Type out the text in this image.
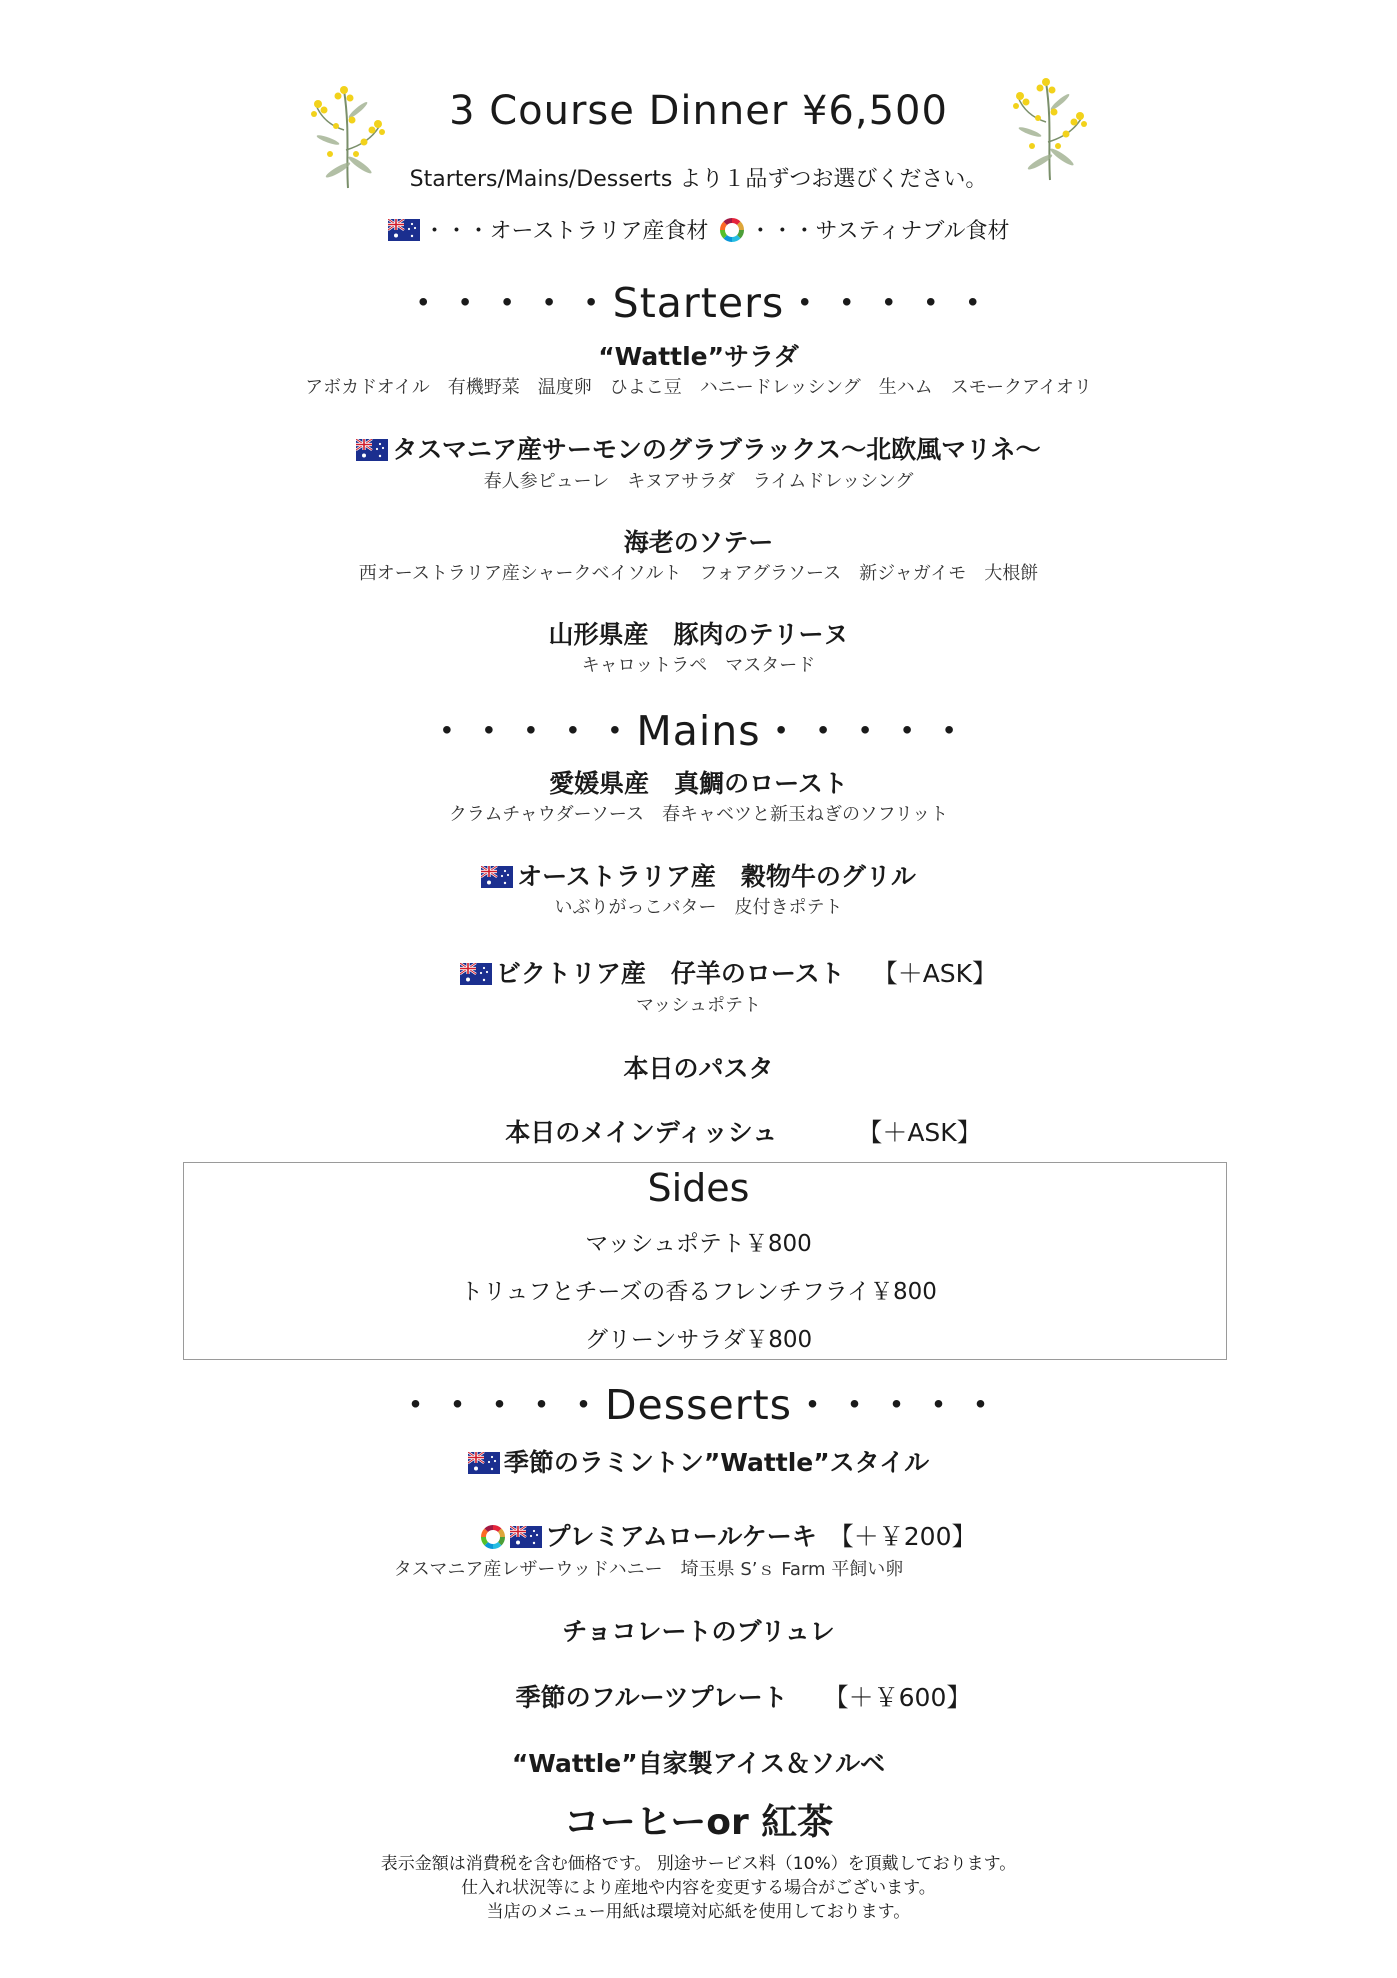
3 Course Dinner ¥6,500
Starters/Mains/Desserts より１品ずつお選びください。
・・・オーストラリア産食材 ・・・サスティナブル食材
・・・・・Starters・・・・・
“Wattle”サラダ
アボカドオイル　有機野菜　温度卵　ひよこ豆　ハニードレッシング　生ハム　スモークアイオリ
タスマニア産サーモンのグラブラックス～北欧風マリネ～
春人参ピューレ　キヌアサラダ　ライムドレッシング
海老のソテー
西オーストラリア産シャークベイソルト　フォアグラソース　新ジャガイモ　大根餅
山形県産　豚肉のテリーヌ
キャロットラペ　マスタード
・・・・・Mains・・・・・
愛媛県産　真鯛のロースト
クラムチャウダーソース　春キャベツと新玉ねぎのソフリット
オーストラリア産　穀物牛のグリル
いぶりがっこバター　皮付きポテト
ビクトリア産　仔羊のロースト 【＋ASK】
マッシュポテト
本日のパスタ
本日のメインディッシュ	【＋ASK】
Sides
マッシュポテト￥800
トリュフとチーズの香るフレンチフライ￥800
グリーンサラダ￥800
・・・・・Desserts・・・・・
季節のラミントン”Wattle”スタイル
プレミアムロールケーキ 【＋￥200】
タスマニア産レザーウッドハニー　埼玉県 S’ｓ Farm 平飼い卵
チョコレートのブリュレ
季節のフルーツプレート 【＋￥600】
“Wattle”自家製アイス＆ソルベ
コーヒーor 紅茶
表示金額は消費税を含む価格です。 別途サービス料（10%）を頂戴しております。
仕入れ状況等により産地や内容を変更する場合がございます。
当店のメニュー用紙は環境対応紙を使用しております。
